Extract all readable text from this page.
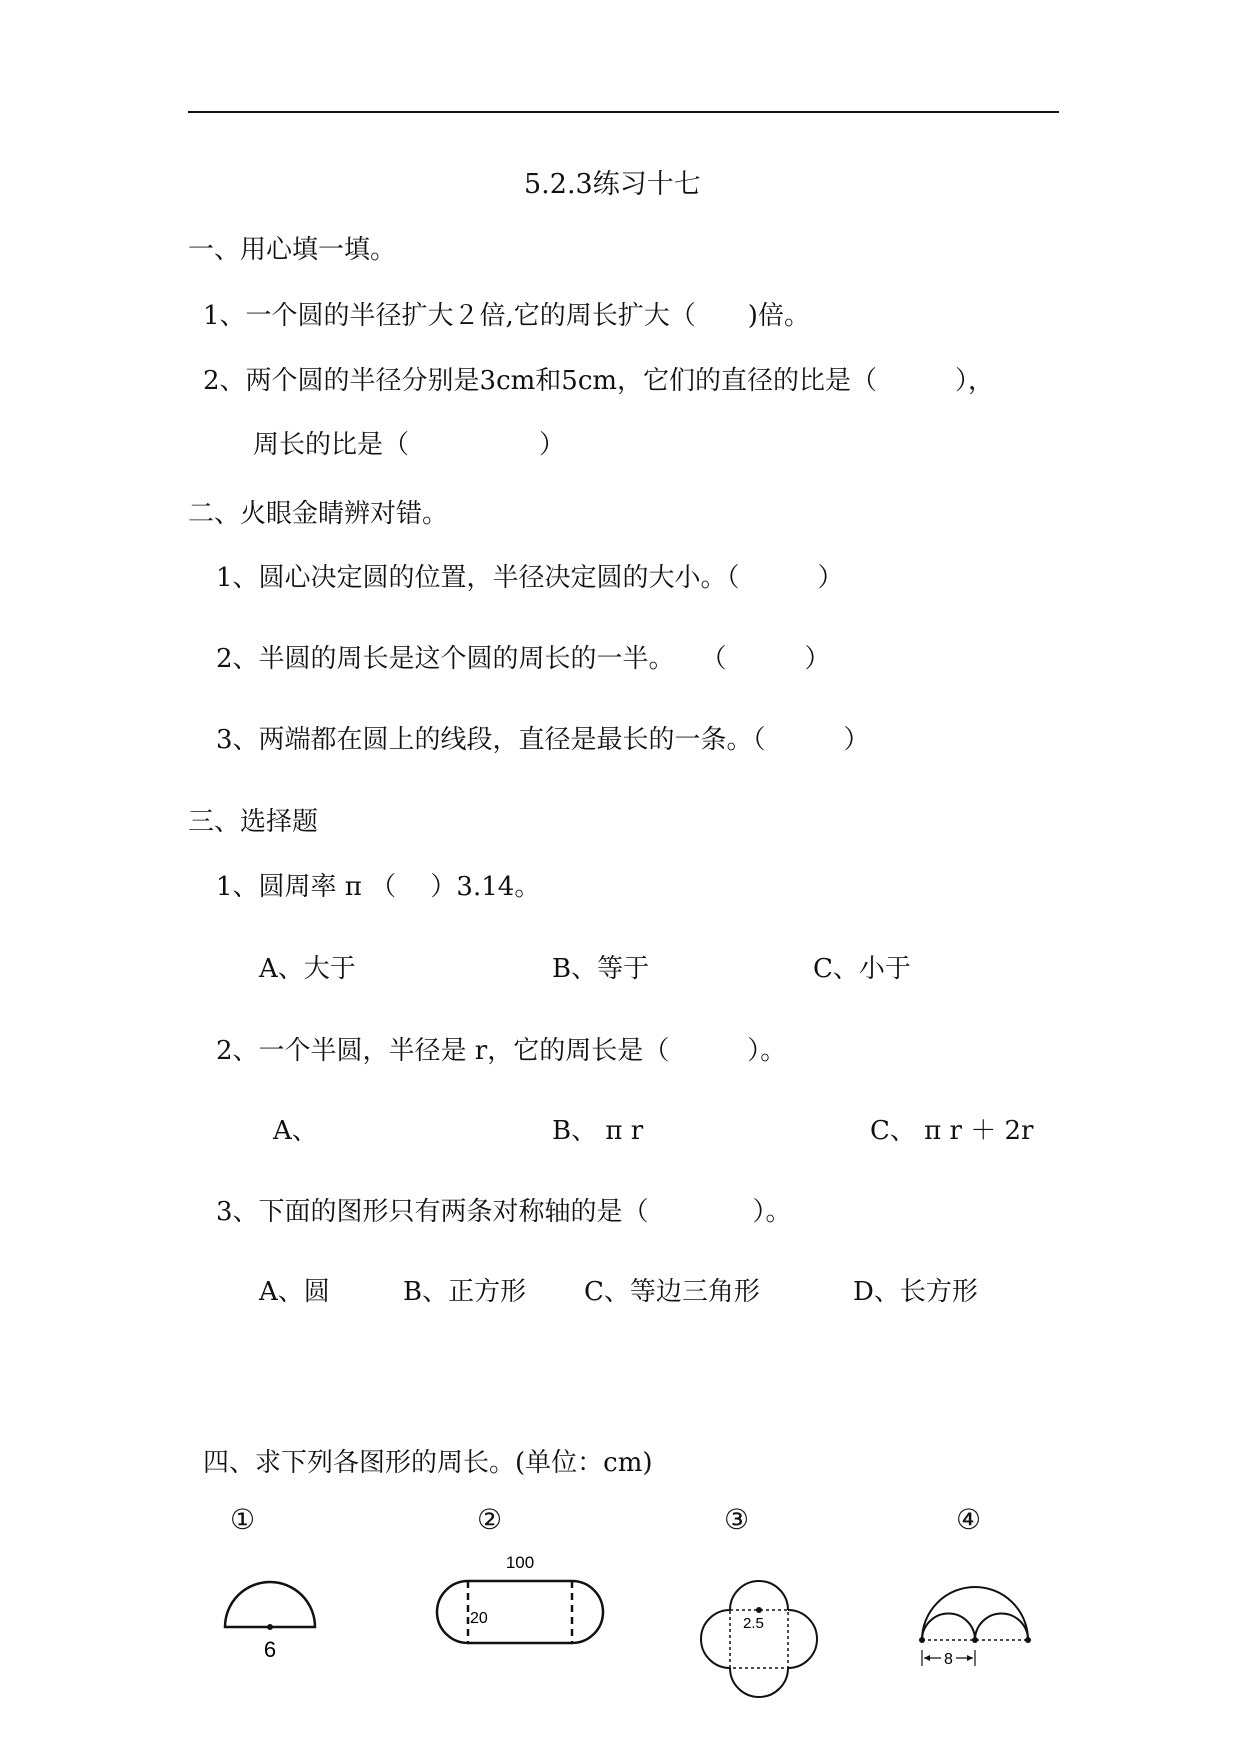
5.2.3练习十七
一、用心填一填。
1、一个圆的半径扩大２倍,它的周长扩大（　　)倍。
2、两个圆的半径分别是3cm和5cm，它们的直径的比是（　　　），
周长的比是（　　　　　）
二、火眼金睛辨对错。
1、圆心决定圆的位置，半径决定圆的大小。（　　　）
2、半圆的周长是这个圆的周长的一半。　　（　　　）
3、两端都在圆上的线段，直径是最长的一条。（　　　）
三、选择题
1、圆周率 π （　 ）3.14。
A、大于	B、等于	C、小于
2、一个半圆，半径是 r，它的周长是（　　　）。
A、	B、 π r	C、 π r ＋ 2r
3、下面的图形只有两条对称轴的是（　　　　）。
A、圆	B、正方形 C、等边三角形	D、长方形
四、求下列各图形的周长。(单位：cm)
①	②	③	④
6
100
20	2.5
8
